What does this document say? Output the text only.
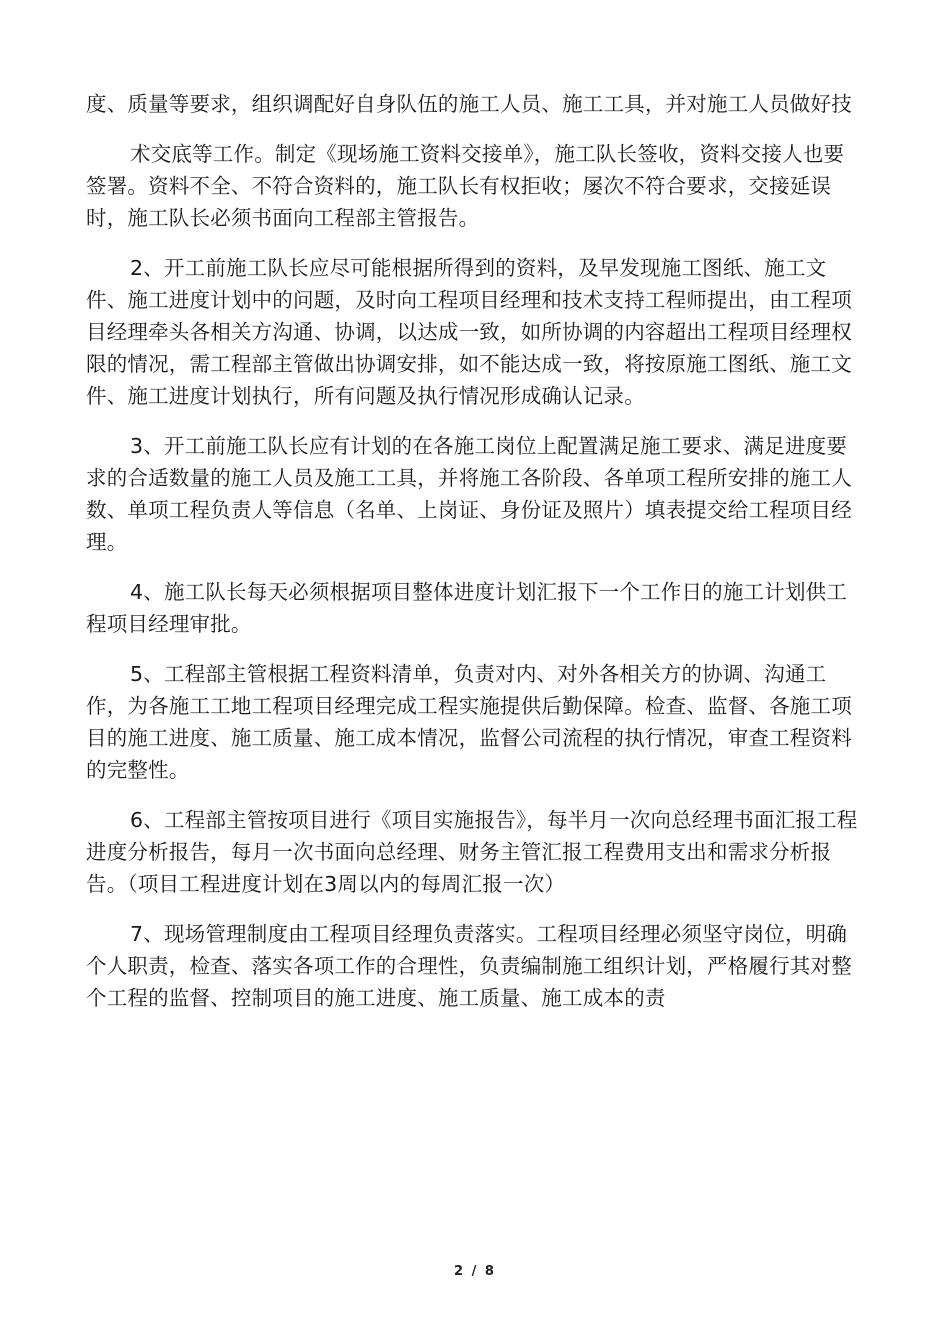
度、质量等要求，组织调配好自身队伍的施工人员、施工工具，并对施工人员做好技

术交底等工作。制定《现场施工资料交接单》，施工队长签收，资料交接人也要签署。资料不全、不符合资料的，施工队长有权拒收；屡次不符合要求，交接延误时，施工队长必须书面向工程部主管报告。

2、开工前施工队长应尽可能根据所得到的资料，及早发现施工图纸、施工文件、施工进度计划中的问题，及时向工程项目经理和技术支持工程师提出，由工程项目经理牵头各相关方沟通、协调，以达成一致，如所协调的内容超出工程项目经理权限的情况，需工程部主管做出协调安排，如不能达成一致，将按原施工图纸、施工文件、施工进度计划执行，所有问题及执行情况形成确认记录。

3、开工前施工队长应有计划的在各施工岗位上配置满足施工要求、满足进度要求的合适数量的施工人员及施工工具，并将施工各阶段、各单项工程所安排的施工人数、单项工程负责人等信息（名单、上岗证、身份证及照片）填表提交给工程项目经理。

4、施工队长每天必须根据项目整体进度计划汇报下一个工作日的施工计划供工程项目经理审批。

5、工程部主管根据工程资料清单，负责对内、对外各相关方的协调、沟通工作，为各施工工地工程项目经理完成工程实施提供后勤保障。检查、监督、各施工项目的施工进度、施工质量、施工成本情况，监督公司流程的执行情况，审查工程资料的完整性。

6、工程部主管按项目进行《项目实施报告》，每半月一次向总经理书面汇报工程进度分析报告，每月一次书面向总经理、财务主管汇报工程费用支出和需求分析报告。（项目工程进度计划在3周以内的每周汇报一次）

7、现场管理制度由工程项目经理负责落实。工程项目经理必须坚守岗位，明确个人职责，检查、落实各项工作的合理性，负责编制施工组织计划，严格履行其对整个工程的监督、控制项目的施工进度、施工质量、施工成本的责

2 / 8
